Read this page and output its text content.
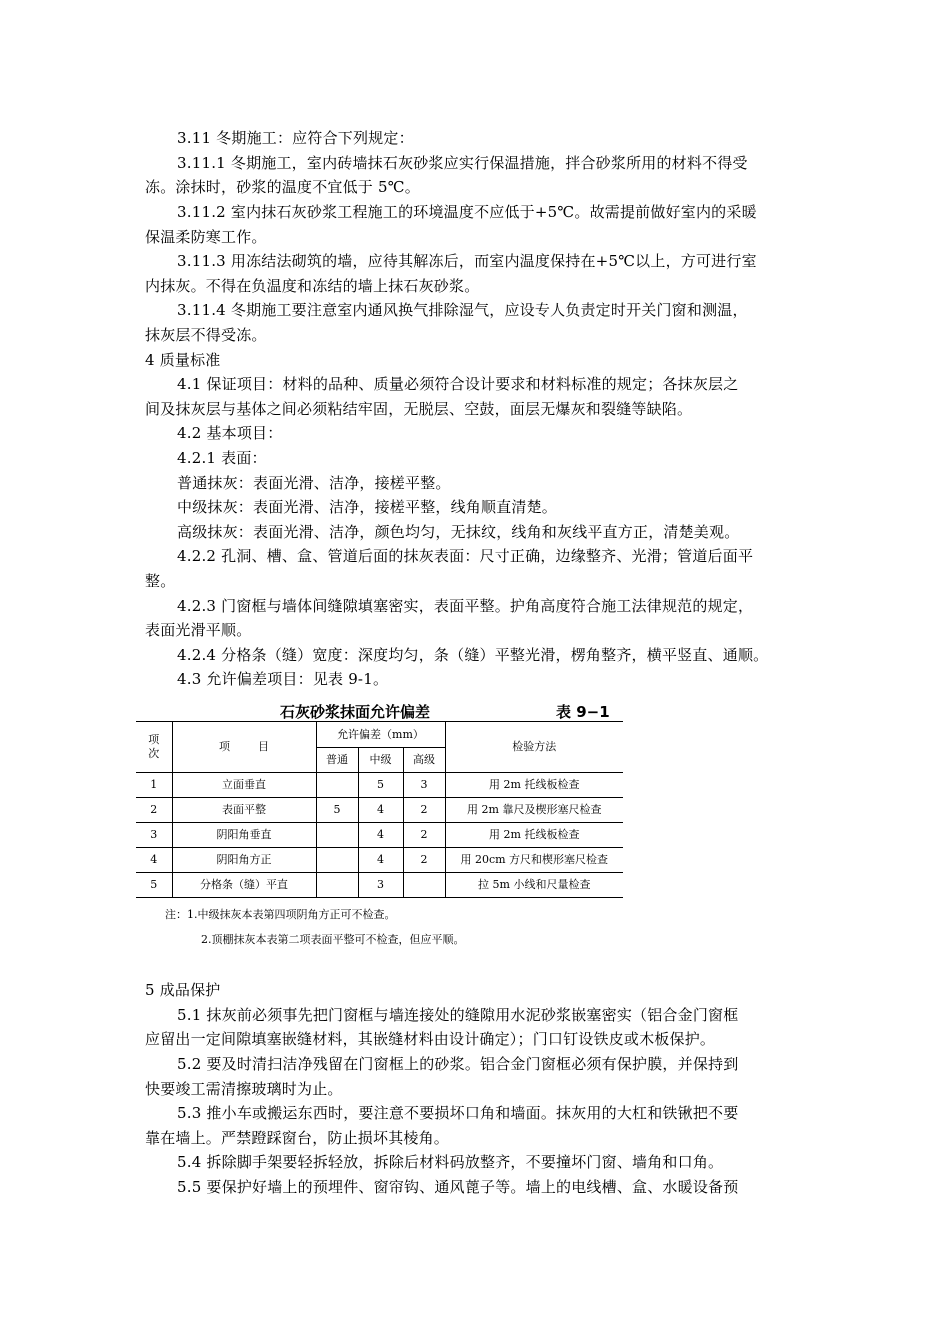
3.11 冬期施工：应符合下列规定：
3.11.1 冬期施工，室内砖墙抹石灰砂浆应实行保温措施，拌合砂浆所用的材料不得受
冻。涂抹时，砂浆的温度不宜低于 5℃。
3.11.2 室内抹石灰砂浆工程施工的环境温度不应低于+5℃。故需提前做好室内的采暖
保温柔防寒工作。
3.11.3 用冻结法砌筑的墙，应待其解冻后，而室内温度保持在+5℃以上，方可进行室
内抹灰。不得在负温度和冻结的墙上抹石灰砂浆。
3.11.4 冬期施工要注意室内通风换气排除湿气，应设专人负责定时开关门窗和测温，
抹灰层不得受冻。
4 质量标准
4.1 保证项目：材料的品种、质量必须符合设计要求和材料标准的规定；各抹灰层之
间及抹灰层与基体之间必须粘结牢固，无脱层、空鼓，面层无爆灰和裂缝等缺陷。
4.2 基本项目：
4.2.1 表面：
普通抹灰：表面光滑、洁净，接槎平整。
中级抹灰：表面光滑、洁净，接槎平整，线角顺直清楚。
高级抹灰：表面光滑、洁净，颜色均匀，无抹纹，线角和灰线平直方正，清楚美观。
4.2.2 孔洞、槽、盒、管道后面的抹灰表面：尺寸正确，边缘整齐、光滑；管道后面平
整。
4.2.3 门窗框与墙体间缝隙填塞密实，表面平整。护角高度符合施工法律规范的规定，
表面光滑平顺。
4.2.4 分格条（缝）宽度：深度均匀，条（缝）平整光滑，楞角整齐，横平竖直、通顺。
4.3 允许偏差项目：见表 9-1。
石灰砂浆抹面允许偏差	表 9−1
项
次	项        目	允许偏差（mm）			检验方法
		普通	中级	高级	
1	立面垂直		5	3	用 2m 托线板检查
2	表面平整	5	4	2	用 2m 靠尺及楔形塞尺检查
3	阴阳角垂直		4	2	用 2m 托线板检查
4	阴阳角方正		4	2	用 20cm 方尺和楔形塞尺检查
5	分格条（缝）平直		3		拉 5m 小线和尺量检查
注：1.中级抹灰本表第四项阴角方正可不检查。
2.顶棚抹灰本表第二项表面平整可不检查，但应平顺。
5 成品保护
5.1 抹灰前必须事先把门窗框与墙连接处的缝隙用水泥砂浆嵌塞密实（铝合金门窗框
应留出一定间隙填塞嵌缝材料，其嵌缝材料由设计确定）；门口钉设铁皮或木板保护。
5.2 要及时清扫洁净残留在门窗框上的砂浆。铝合金门窗框必须有保护膜，并保持到
快要竣工需清擦玻璃时为止。
5.3 推小车或搬运东西时，要注意不要损坏口角和墙面。抹灰用的大杠和铁锹把不要
靠在墙上。严禁蹬踩窗台，防止损坏其棱角。
5.4 拆除脚手架要轻拆轻放，拆除后材料码放整齐，不要撞坏门窗、墙角和口角。
5.5 要保护好墙上的预埋件、窗帘钩、通风蓖子等。墙上的电线槽、盒、水暖设备预
